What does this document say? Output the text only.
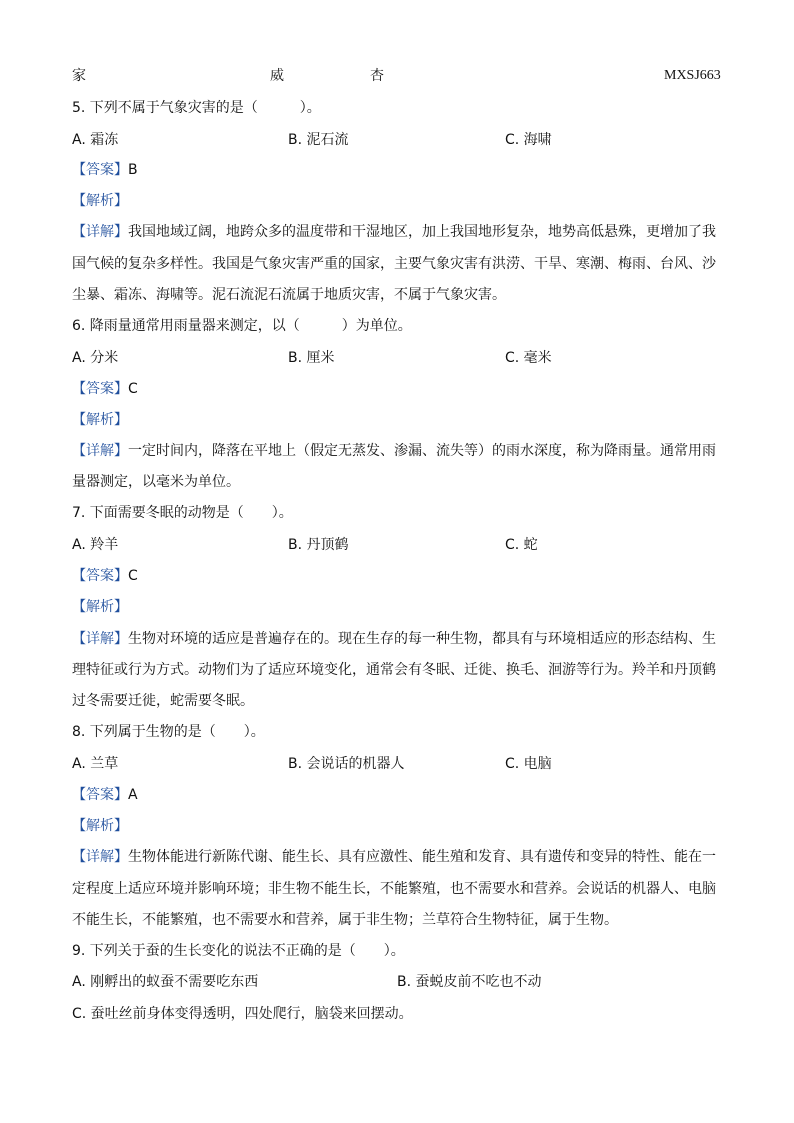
家	威	杏	MXSJ663
5. 下列不属于气象灾害的是（　　　）。
A. 霜冻	B. 泥石流	C. 海啸
【答案】B
【解析】
【详解】我国地域辽阔，地跨众多的温度带和干湿地区，加上我国地形复杂，地势高低悬殊，更增加了我
国气候的复杂多样性。我国是气象灾害严重的国家，主要气象灾害有洪涝、干旱、寒潮、梅雨、台风、沙
尘暴、霜冻、海啸等。泥石流泥石流属于地质灾害，不属于气象灾害。
6. 降雨量通常用雨量器来测定，以（　　　）为单位。
A. 分米	B. 厘米	C. 毫米
【答案】C
【解析】
【详解】一定时间内，降落在平地上（假定无蒸发、渗漏、流失等）的雨水深度，称为降雨量。通常用雨
量器测定，以毫米为单位。
7. 下面需要冬眠的动物是（　　）。
A. 羚羊	B. 丹顶鹤	C. 蛇
【答案】C
【解析】
【详解】生物对环境的适应是普遍存在的。现在生存的每一种生物，都具有与环境相适应的形态结构、生
理特征或行为方式。动物们为了适应环境变化，通常会有冬眠、迁徙、换毛、洄游等行为。羚羊和丹顶鹤
过冬需要迁徙，蛇需要冬眠。
8. 下列属于生物的是（　　）。
A. 兰草	B. 会说话的机器人	C. 电脑
【答案】A
【解析】
【详解】生物体能进行新陈代谢、能生长、具有应激性、能生殖和发育、具有遗传和变异的特性、能在一
定程度上适应环境并影响环境；非生物不能生长，不能繁殖，也不需要水和营养。会说话的机器人、电脑
不能生长，不能繁殖，也不需要水和营养，属于非生物；兰草符合生物特征，属于生物。
9. 下列关于蚕的生长变化的说法不正确的是（　　）。
A. 刚孵出的蚁蚕不需要吃东西	B. 蚕蜕皮前不吃也不动
C. 蚕吐丝前身体变得透明，四处爬行，脑袋来回摆动。
